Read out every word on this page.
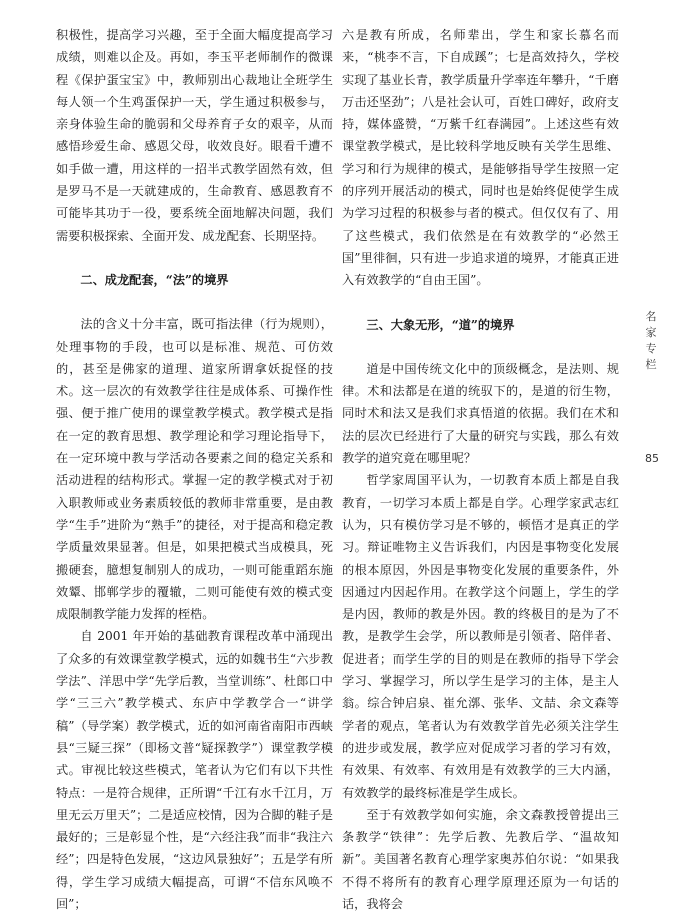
积极性，提高学习兴趣，至于全面大幅度提高学习成绩，则难以企及。再如，李玉平老师制作的微课程《保护蛋宝宝》中，教师别出心裁地让全班学生每人领一个生鸡蛋保护一天，学生通过积极参与，亲身体验生命的脆弱和父母养育子女的艰辛，从而感悟珍爱生命、感恩父母，收效良好。眼看千遭不如手做一遭，用这样的一招半式教学固然有效，但是罗马不是一天就建成的，生命教育、感恩教育不可能毕其功于一役，要系统全面地解决问题，我们需要积极探索、全面开发、成龙配套、长期坚持。

二、成龙配套，“法”的境界

法的含义十分丰富，既可指法律（行为规则），处理事物的手段，也可以是标准、规范、可仿效的，甚至是佛家的道理、道家所谓拿妖捉怪的技术。这一层次的有效教学往往是成体系、可操作性强、便于推广使用的课堂教学模式。教学模式是指在一定的教育思想、教学理论和学习理论指导下，在一定环境中教与学活动各要素之间的稳定关系和活动进程的结构形式。掌握一定的教学模式对于初入职教师或业务素质较低的教师非常重要，是由教学“生手”进阶为“熟手”的捷径，对于提高和稳定教学质量效果显著。但是，如果把模式当成模具，死搬硬套，臆想复制别人的成功，一则可能重蹈东施效颦、邯郸学步的覆辙，二则可能使有效的模式变成限制教学能力发挥的桎梏。

自 2001 年开始的基础教育课程改革中涌现出了众多的有效课堂教学模式，远的如魏书生“六步教学法”、洋思中学“先学后教，当堂训练”、杜郎口中学“三三六”教学模式、东庐中学教学合一“讲学稿”（导学案）教学模式，近的如河南省南阳市西峡县“三疑三探”（即杨文普“疑探教学”）课堂教学模式。审视比较这些模式，笔者认为它们有以下共性特点：一是符合规律，正所谓“千江有水千江月，万里无云万里天”；二是适应校情，因为合脚的鞋子是最好的；三是彰显个性，是“六经注我”而非“我注六经”；四是特色发展，“这边风景独好”；五是学有所得，学生学习成绩大幅提高，可谓“不信东风唤不回”；

六是教有所成，名师辈出，学生和家长慕名而来，“桃李不言，下自成蹊”；七是高效持久，学校实现了基业长青，教学质量升学率连年攀升，“千磨万击还坚劲”；八是社会认可，百姓口碑好，政府支持，媒体盛赞，“万紫千红春满园”。上述这些有效课堂教学模式，是比较科学地反映有关学生思维、学习和行为规律的模式，是能够指导学生按照一定的序列开展活动的模式，同时也是始终促使学生成为学习过程的积极参与者的模式。但仅仅有了、用了这些模式，我们依然是在有效教学的“必然王国”里徘徊，只有进一步追求道的境界，才能真正进入有效教学的“自由王国”。

三、大象无形，“道”的境界

道是中国传统文化中的顶级概念，是法则、规律。术和法都是在道的统驭下的，是道的衍生物，同时术和法又是我们求真悟道的依据。我们在术和法的层次已经进行了大量的研究与实践，那么有效教学的道究竟在哪里呢？

哲学家周国平认为，一切教育本质上都是自我教育，一切学习本质上都是自学。心理学家武志红认为，只有模仿学习是不够的，顿悟才是真正的学习。辩证唯物主义告诉我们，内因是事物变化发展的根本原因，外因是事物变化发展的重要条件，外因通过内因起作用。在教学这个问题上，学生的学是内因，教师的教是外因。教的终极目的是为了不教，是教学生会学，所以教师是引领者、陪伴者、促进者；而学生学的目的则是在教师的指导下学会学习、掌握学习，所以学生是学习的主体，是主人翁。综合钟启泉、崔允漷、张华、文喆、余文森等学者的观点，笔者认为有效教学首先必须关注学生的进步或发展，教学应对促成学习者的学习有效，有效果、有效率、有效用是有效教学的三大内涵，有效教学的最终标准是学生成长。

至于有效教学如何实施，余文森教授曾提出三条教学“铁律”：先学后教、先教后学、“温故知新”。美国著名教育心理学家奥苏伯尔说：“如果我不得不将所有的教育心理学原理还原为一句话的话，我将会

名
家
专
栏
85
